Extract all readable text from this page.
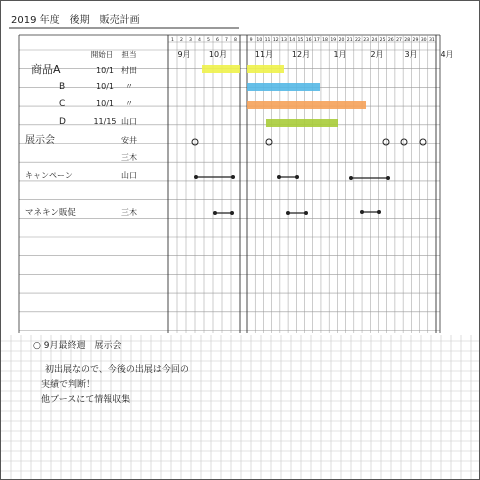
1 2 3 4 5 6 7 8	9 10 11 12 13 14 15 16 17 18 19 20 21 22 23 24 25 26 27 28 29 30 31
9月 10月	11月 12月	1月	2月	3月	4月
2019 年度　後期　販売計画
開始日 担当
商品A	10/1 村田
B	10/1 〃
C	10/1 〃
D	11/15 山口
展示会	安井
三木
キャンペーン	山口
マネキン販促	三木
○ 9月最終週　展示会
初出展なので、今後の出展は今回の
実績で判断！
他ブースにて情報収集
